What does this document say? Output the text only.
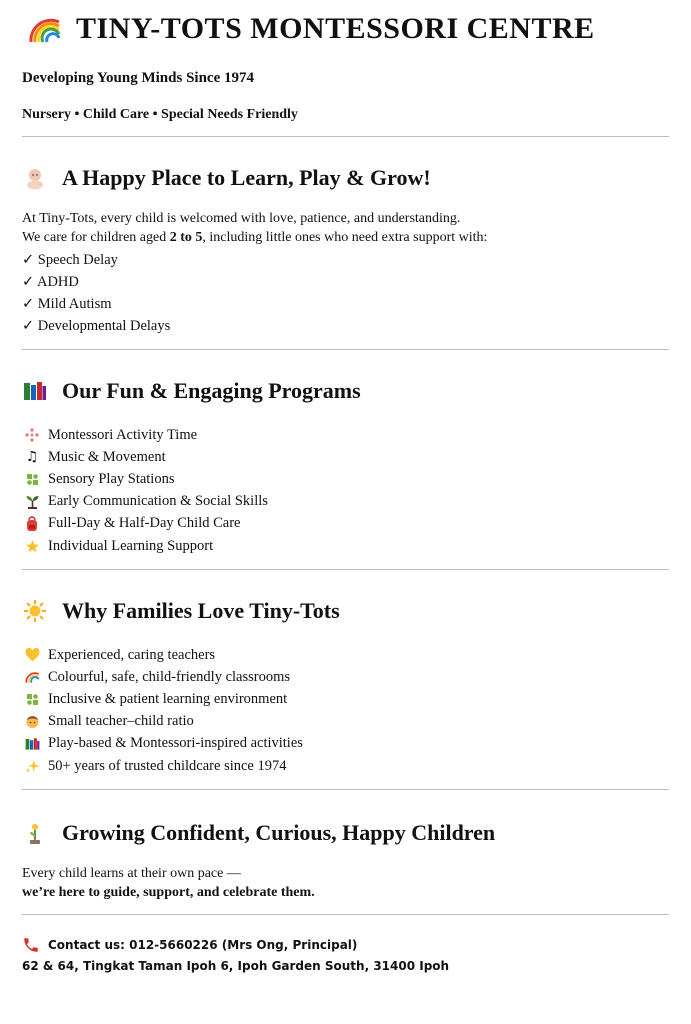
TINY-TOTS MONTESSORI CENTRE
Developing Young Minds Since 1974
Nursery • Child Care • Special Needs Friendly
A Happy Place to Learn, Play & Grow!
At Tiny-Tots, every child is welcomed with love, patience, and understanding.
We care for children aged 2 to 5, including little ones who need extra support with:
✓ Speech Delay
✓ ADHD
✓ Mild Autism
✓ Developmental Delays
Our Fun & Engaging Programs
Montessori Activity Time
♫ Music & Movement
Sensory Play Stations
Early Communication & Social Skills
Full-Day & Half-Day Child Care
Individual Learning Support
Why Families Love Tiny-Tots
Experienced, caring teachers
Colourful, safe, child-friendly classrooms
Inclusive & patient learning environment
Small teacher–child ratio
Play-based & Montessori-inspired activities
50+ years of trusted childcare since 1974
Growing Confident, Curious, Happy Children
Every child learns at their own pace —
we’re here to guide, support, and celebrate them.
Contact us: 012-5660226 (Mrs Ong, Principal)
62 & 64, Tingkat Taman Ipoh 6, Ipoh Garden South, 31400 Ipoh
